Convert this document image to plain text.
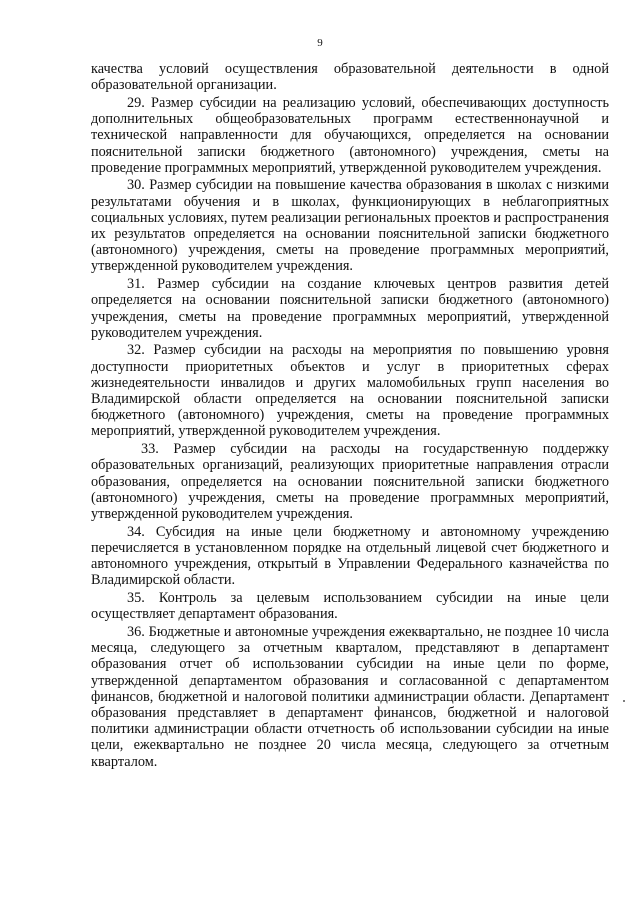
9

качества условий осуществления образовательной деятельности в одной образовательной организации.

29. Размер субсидии на реализацию условий, обеспечивающих доступность дополнительных общеобразовательных программ естественнонаучной и технической направленности для обучающихся, определяется на основании пояснительной записки бюджетного (автономного) учреждения, сметы на проведение программных мероприятий, утвержденной руководителем учреждения.

30. Размер субсидии на повышение качества образования в школах с низкими результатами обучения и в школах, функционирующих в неблагоприятных социальных условиях, путем реализации региональных проектов и распространения их результатов определяется на основании пояснительной записки бюджетного (автономного) учреждения, сметы на проведение программных мероприятий, утвержденной руководителем учреждения.

31. Размер субсидии на создание ключевых центров развития детей определяется на основании пояснительной записки бюджетного (автономного) учреждения, сметы на проведение программных мероприятий, утвержденной руководителем учреждения.

32. Размер субсидии на расходы на мероприятия по повышению уровня доступности приоритетных объектов и услуг в приоритетных сферах жизнедеятельности инвалидов и других маломобильных групп населения во Владимирской области определяется на основании пояснительной записки бюджетного (автономного) учреждения, сметы на проведение программных мероприятий, утвержденной руководителем учреждения.

33. Размер субсидии на расходы на государственную поддержку образовательных организаций, реализующих приоритетные направления отрасли образования, определяется на основании пояснительной записки бюджетного (автономного) учреждения, сметы на проведение программных мероприятий, утвержденной руководителем учреждения.

34. Субсидия на иные цели бюджетному и автономному учреждению перечисляется в установленном порядке на отдельный лицевой счет бюджетного и автономного учреждения, открытый в Управлении Федерального казначейства по Владимирской области.

35. Контроль за целевым использованием субсидии на иные цели осуществляет департамент образования.

36. Бюджетные и автономные учреждения ежеквартально, не позднее 10 числа месяца, следующего за отчетным кварталом, представляют в департамент образования отчет об использовании субсидии на иные цели по форме, утвержденной департаментом образования и согласованной с департаментом финансов, бюджетной и налоговой политики администрации области. Департамент образования представляет в департамент финансов, бюджетной и налоговой политики администрации области отчетность об использовании субсидии на иные цели, ежеквартально не позднее 20 числа месяца, следующего за отчетным кварталом.
